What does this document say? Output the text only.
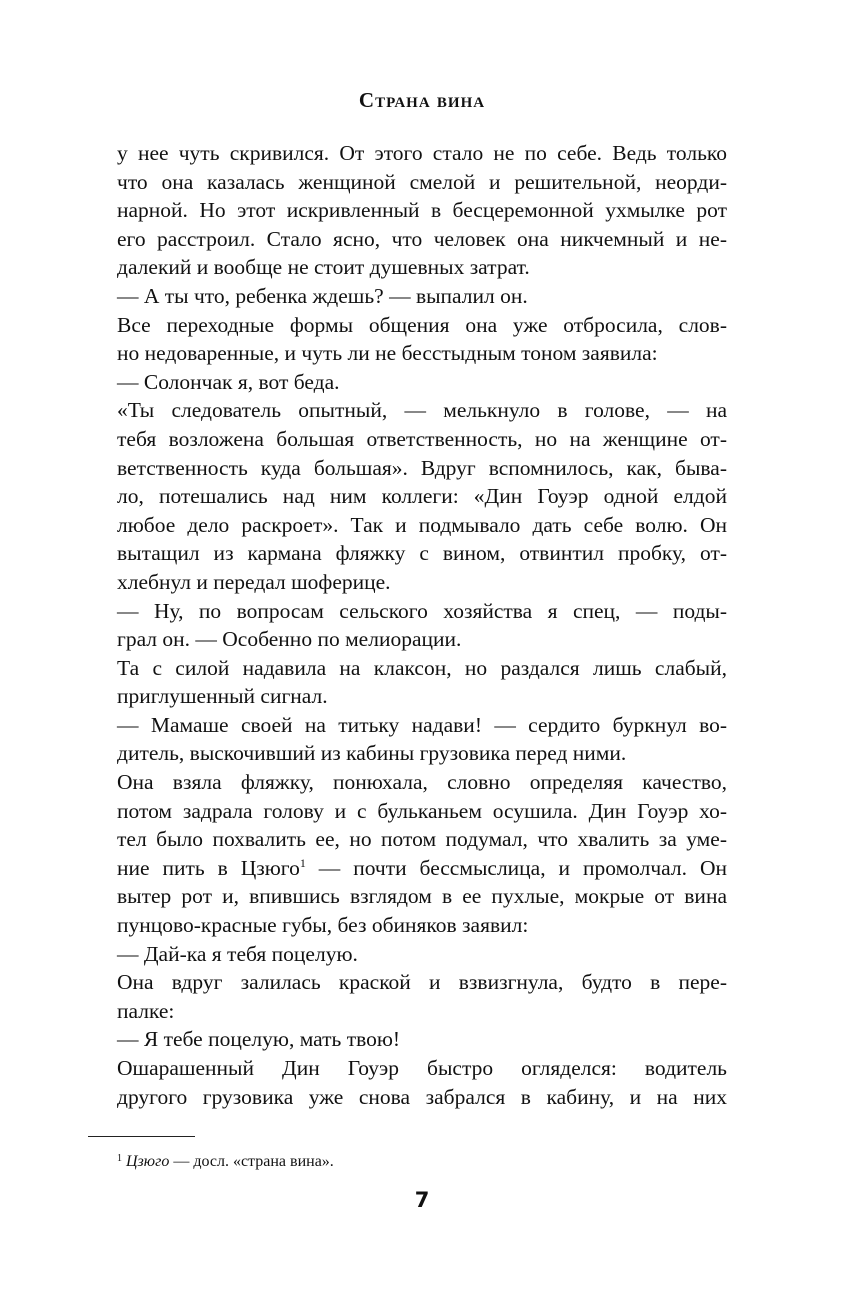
Страна вина
у нее чуть скривился. От этого стало не по себе. Ведь только
что она казалась женщиной смелой и решительной, неорди-
нарной. Но этот искривленный в бесцеремонной ухмылке рот
его расстроил. Стало ясно, что человек она никчемный и не-
далекий и вообще не стоит душевных затрат.
— А ты что, ребенка ждешь? — выпалил он.
Все переходные формы общения она уже отбросила, слов-
но недоваренные, и чуть ли не бесстыдным тоном заявила:
— Солончак я, вот беда.
«Ты следователь опытный, — мелькнуло в голове, — на
тебя возложена большая ответственность, но на женщине от-
ветственность куда большая». Вдруг вспомнилось, как, быва-
ло, потешались над ним коллеги: «Дин Гоуэр одной елдой
любое дело раскроет». Так и подмывало дать себе волю. Он
вытащил из кармана фляжку с вином, отвинтил пробку, от-
хлебнул и передал шоферице.
— Ну, по вопросам сельского хозяйства я спец, — поды-
грал он. — Особенно по мелиорации.
Та с силой надавила на клаксон, но раздался лишь слабый,
приглушенный сигнал.
— Мамаше своей на титьку надави! — сердито буркнул во-
дитель, выскочивший из кабины грузовика перед ними.
Она взяла фляжку, понюхала, словно определяя качество,
потом задрала голову и с бульканьем осушила. Дин Гоуэр хо-
тел было похвалить ее, но потом подумал, что хвалить за уме-
ние пить в Цзюго$^1$ — почти бессмыслица, и промолчал. Он
вытер рот и, впившись взглядом в ее пухлые, мокрые от вина
пунцово-красные губы, без обиняков заявил:
— Дай-ка я тебя поцелую.
Она вдруг залилась краской и взвизгнула, будто в пере-
палке:
— Я тебе поцелую, мать твою!
Ошарашенный Дин Гоуэр быстро огляделся: водитель
другого грузовика уже снова забрался в кабину, и на них
$^1$ Цзюго — досл. «страна вина».
7
